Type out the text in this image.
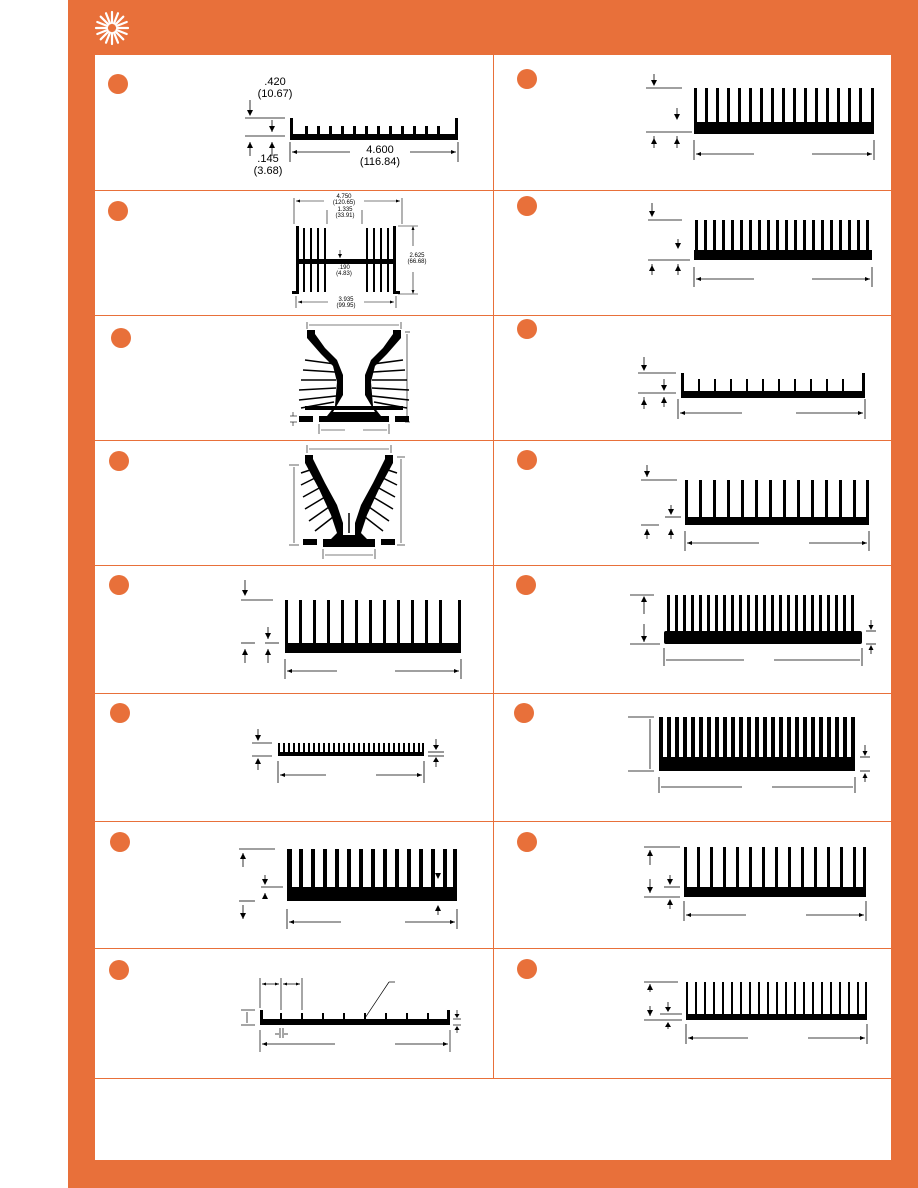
.420
(10.67)
.145
(3.68)
4.600
(116.84)
4.750
(120.65)
1.335
(33.91)
.190
(4.83)
2.625
(66.68)
3.935
(99.95)
